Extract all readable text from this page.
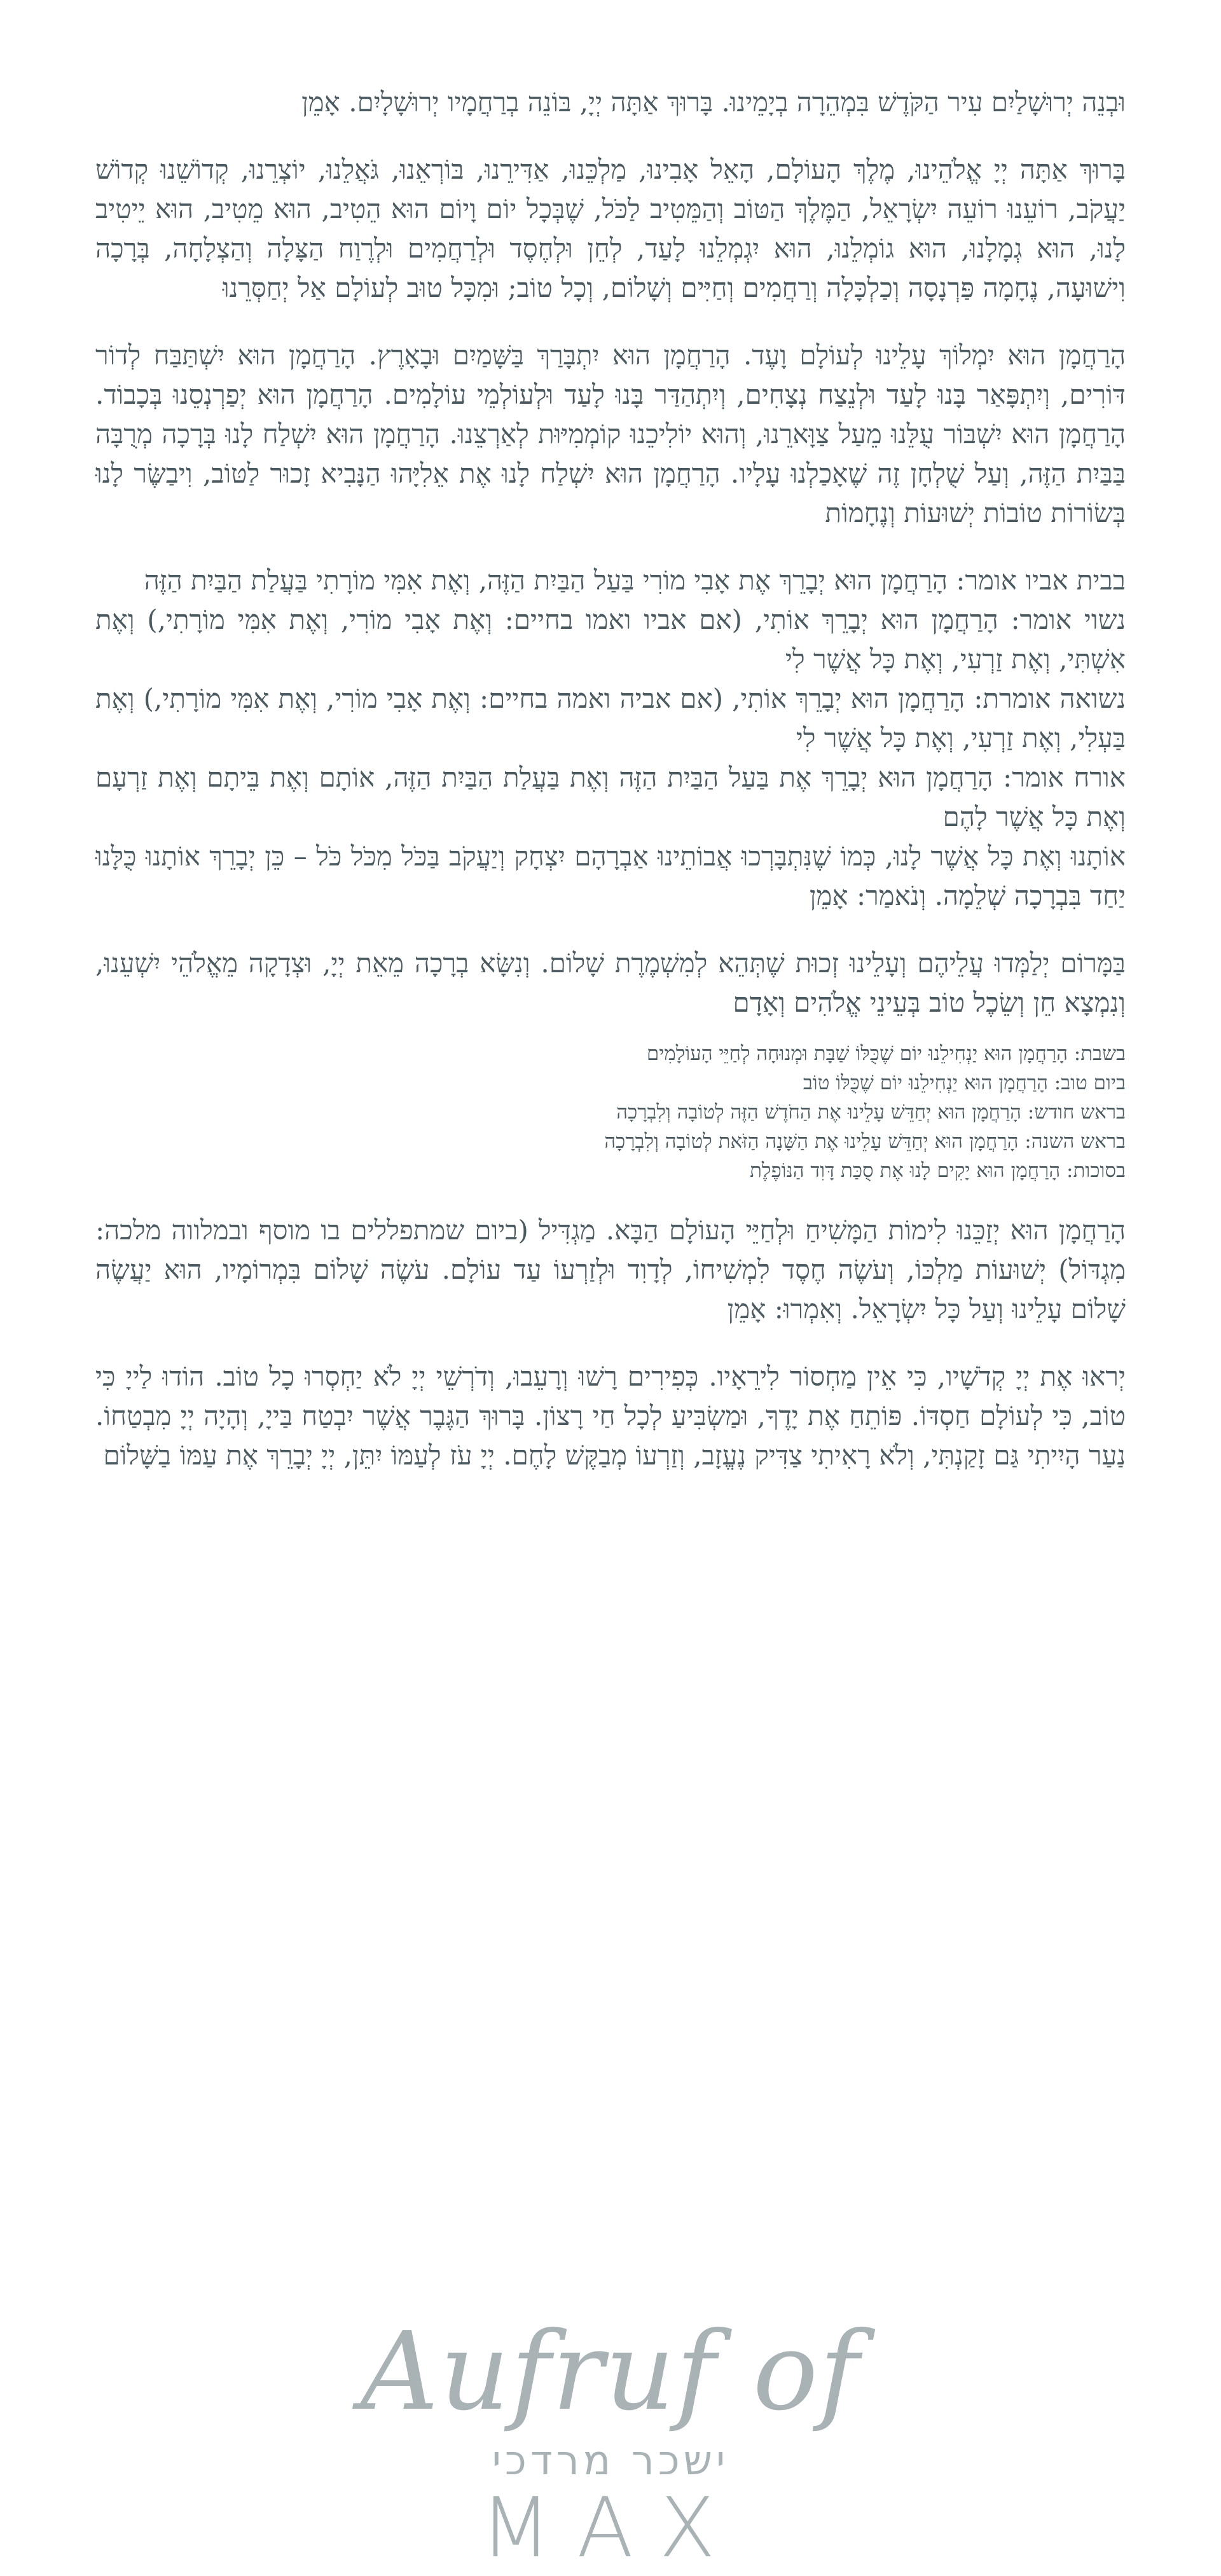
וּבְנֵה יְרוּשָׁלַיִם עִיר הַקֹּדֶשׁ בִּמְהֵרָה בְיָמֵינוּ. בָּרוּךְ אַתָּה יְיָ, בּוֹנֵה בְרַחֲמָיו יְרוּשָׁלָיִם. אָמֵן

בָּרוּךְ אַתָּה יְיָ אֱלֹהֵינוּ, מֶלֶךְ הָעוֹלָם, הָאֵל אָבִינוּ, מַלְכֵּנוּ, אַדִּירֵנוּ, בּוֹרְאֵנוּ, גֹּאֲלֵנוּ, יוֹצְרֵנוּ, קְדוֹשֵׁנוּ קְדוֹשׁ יַעֲקֹב, רוֹעֵנוּ רוֹעֵה יִשְׂרָאֵל, הַמֶּלֶךְ הַטּוֹב וְהַמֵּטִיב לַכֹּל, שֶׁבְּכָל יוֹם וָיוֹם הוּא הֵטִיב, הוּא מֵטִיב, הוּא יֵיטִיב לָנוּ, הוּא גְמָלָנוּ, הוּא גוֹמְלֵנוּ, הוּא יִגְמְלֵנוּ לָעַד, לְחֵן וּלְחֶסֶד וּלְרַחֲמִים וּלְרֶוַח הַצָּלָה וְהַצְלָחָה, בְּרָכָה וִישׁוּעָה, נֶחָמָה פַּרְנָסָה וְכַלְכָּלָה וְרַחֲמִים וְחַיִּים וְשָׁלוֹם, וְכָל טוֹב; וּמִכָּל טוּב לְעוֹלָם אַל יְחַסְּרֵנוּ

הָרַחֲמָן הוּא יִמְלוֹךְ עָלֵינוּ לְעוֹלָם וָעֶד. הָרַחֲמָן הוּא יִתְבָּרַךְ בַּשָּׁמַיִם וּבָאָרֶץ. הָרַחֲמָן הוּא יִשְׁתַּבַּח לְדוֹר דּוֹרִים, וְיִתְפָּאַר בָּנוּ לָעַד וּלְנֵצַח נְצָחִים, וְיִתְהַדַּר בָּנוּ לָעַד וּלְעוֹלְמֵי עוֹלָמִים. הָרַחֲמָן הוּא יְפַרְנְסֵנוּ בְּכָבוֹד. הָרַחֲמָן הוּא יִשְׁבּוֹר עֻלֵּנוּ מֵעַל צַוָּארֵנוּ, וְהוּא יוֹלִיכֵנוּ קוֹמְמִיּוּת לְאַרְצֵנוּ. הָרַחֲמָן הוּא יִשְׁלַח לָנוּ בְּרָכָה מְרֻבָּה בַּבַּיִת הַזֶּה, וְעַל שֻׁלְחָן זֶה שֶׁאָכַלְנוּ עָלָיו. הָרַחֲמָן הוּא יִשְׁלַח לָנוּ אֶת אֵלִיָּהוּ הַנָּבִיא זָכוּר לַטּוֹב, וִיבַשֶּׂר לָנוּ בְּשׂוֹרוֹת טוֹבוֹת יְשׁוּעוֹת וְנֶחָמוֹת

בבית אביו אומר: הָרַחֲמָן הוּא יְבָרֵךְ אֶת אָבִי מוֹרִי בַּעַל הַבַּיִת הַזֶּה, וְאֶת אִמִּי מוֹרָתִי בַּעֲלַת הַבַּיִת הַזֶּה
נשוי אומר: הָרַחֲמָן הוּא יְבָרֵךְ אוֹתִי, (אם אביו ואמו בחיים: וְאֶת אָבִי מוֹרִי, וְאֶת אִמִּי מוֹרָתִי,) וְאֶת אִשְׁתִּי, וְאֶת זַרְעִי, וְאֶת כָּל אֲשֶׁר לִי
נשואה אומרת: הָרַחֲמָן הוּא יְבָרֵךְ אוֹתִי, (אם אביה ואמה בחיים: וְאֶת אָבִי מוֹרִי, וְאֶת אִמִּי מוֹרָתִי,) וְאֶת בַּעְלִי, וְאֶת זַרְעִי, וְאֶת כָּל אֲשֶׁר לִי
אורח אומר: הָרַחֲמָן הוּא יְבָרֵךְ אֶת בַּעַל הַבַּיִת הַזֶּה וְאֶת בַּעֲלַת הַבַּיִת הַזֶּה, אוֹתָם וְאֶת בֵּיתָם וְאֶת זַרְעָם וְאֶת כָּל אֲשֶׁר לָהֶם
אוֹתָנוּ וְאֶת כָּל אֲשֶׁר לָנוּ, כְּמוֹ שֶׁנִּתְבָּרְכוּ אֲבוֹתֵינוּ אַבְרָהָם יִצְחָק וְיַעֲקֹב בַּכֹּל מִכֹּל כֹּל – כֵּן יְבָרֵךְ אוֹתָנוּ כֻּלָּנוּ יַחַד בִּבְרָכָה שְׁלֵמָה. וְנֹאמַר: אָמֵן

בַּמָּרוֹם יְלַמְּדוּ עֲלֵיהֶם וְעָלֵינוּ זְכוּת שֶׁתְּהֵא לְמִשְׁמֶרֶת שָׁלוֹם. וְנִשָּׂא בְרָכָה מֵאֵת יְיָ, וּצְדָקָה מֵאֱלֹהֵי יִשְׁעֵנוּ, וְנִמְצָא חֵן וְשֵׂכֶל טוֹב בְּעֵינֵי אֱלֹהִים וְאָדָם

בשבת: הָרַחֲמָן הוּא יַנְחִילֵנוּ יוֹם שֶׁכֻּלּוֹ שַׁבָּת וּמְנוּחָה לְחַיֵּי הָעוֹלָמִים

ביום טוב: הָרַחֲמָן הוּא יַנְחִילֵנוּ יוֹם שֶׁכֻּלּוֹ טוֹב

בראש חודש: הָרַחֲמָן הוּא יְחַדֵּשׁ עָלֵינוּ אֶת הַחֹדֶשׁ הַזֶּה לְטוֹבָה וְלִבְרָכָה

בראש השנה: הָרַחֲמָן הוּא יְחַדֵּשׁ עָלֵינוּ אֶת הַשָּׁנָה הַזֹּאת לְטוֹבָה וְלִבְרָכָה

בסוכות: הָרַחֲמָן הוּא יָקִים לָנוּ אֶת סֻכַּת דָּוִד הַנּוֹפֶלֶת

הָרַחֲמָן הוּא יְזַכֵּנוּ לִימוֹת הַמָּשִׁיחַ וּלְחַיֵּי הָעוֹלָם הַבָּא. מַגְדִּיל (ביום שמתפללים בו מוסף ובמלווה מלכה: מִגְדּוֹל) יְשׁוּעוֹת מַלְכּוֹ, וְעֹשֶׂה חֶסֶד לִמְשִׁיחוֹ, לְדָוִד וּלְזַרְעוֹ עַד עוֹלָם. עֹשֶׂה שָׁלוֹם בִּמְרוֹמָיו, הוּא יַעֲשֶׂה שָׁלוֹם עָלֵינוּ וְעַל כָּל יִשְׂרָאֵל. וְאִמְרוּ: אָמֵן

יְראוּ אֶת יְיָ קְדֹשָׁיו, כִּי אֵין מַחְסוֹר לִירֵאָיו. כְּפִירִים רָשׁוּ וְרָעֵבוּ, וְדֹרְשֵׁי יְיָ לֹא יַחְסְרוּ כָל טוֹב. הוֹדוּ לַייָ כִּי טוֹב, כִּי לְעוֹלָם חַסְדּוֹ. פּוֹתֵחַ אֶת יָדֶךָ, וּמַשְׂבִּיעַ לְכָל חַי רָצוֹן. בָּרוּךְ הַגֶּבֶר אֲשֶׁר יִבְטַח בַּייָ, וְהָיָה יְיָ מִבְטַחוֹ. נַעַר הָיִיתִי גַּם זָקַנְתִּי, וְלֹא רָאִיתִי צַדִּיק נֶעֱזָב, וְזַרְעוֹ מְבַקֶּשׁ לָחֶם. יְיָ עֹז לְעַמּוֹ יִתֵּן, יְיָ יְבָרֵךְ אֶת עַמּוֹ בַשָּׁלוֹם

Aufruf of
ישכר מרדכי
MAX
